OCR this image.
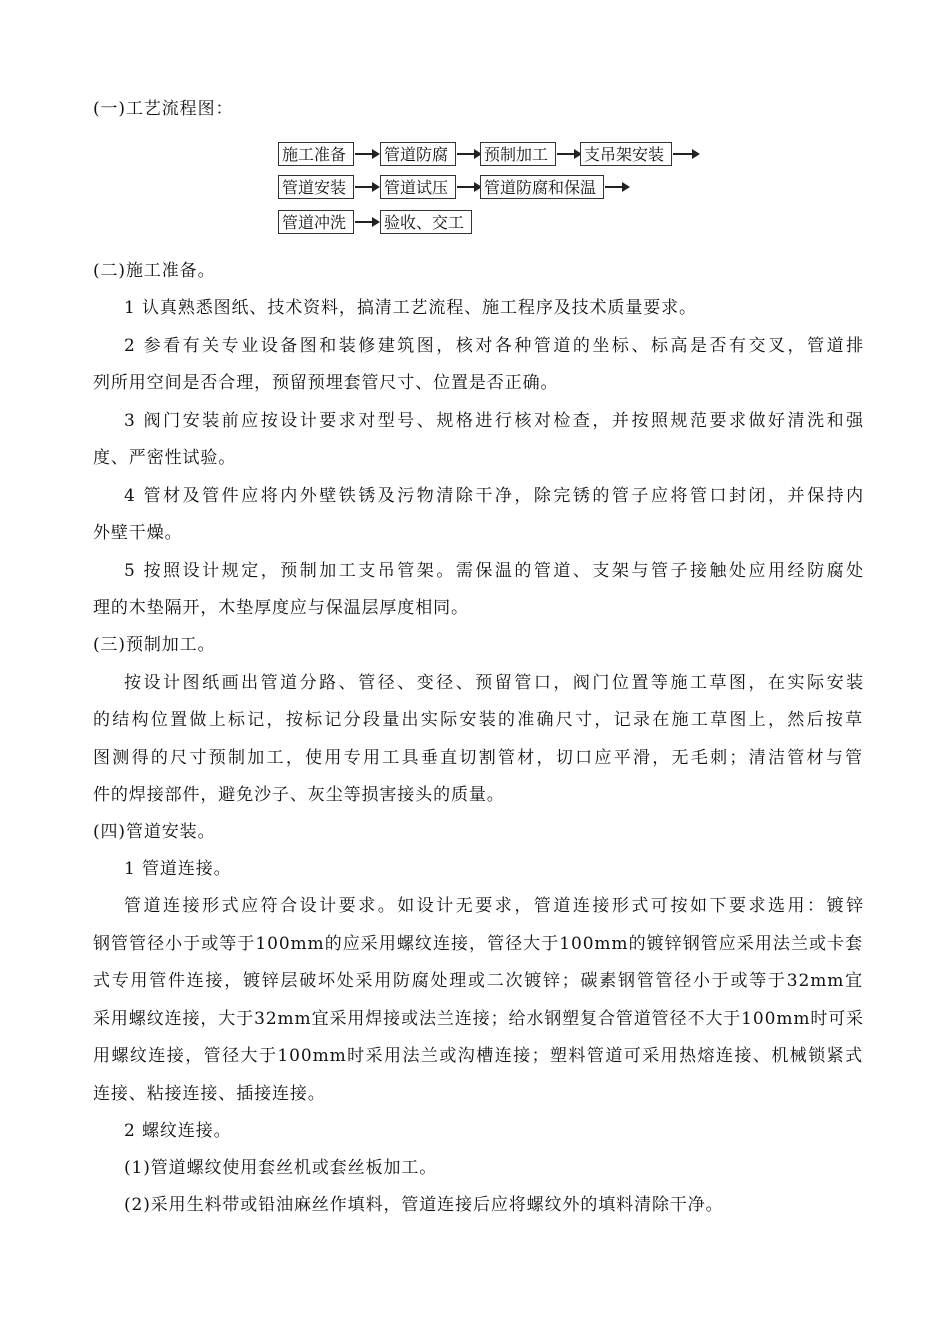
(一)工艺流程图：
施工准备	管道防腐	预制加工	支吊架安装
管道安装	管道试压	管道防腐和保温
管道冲洗	验收、交工
(二)施工准备。
1 认真熟悉图纸、技术资料，搞清工艺流程、施工程序及技术质量要求。
2 参看有关专业设备图和装修建筑图，核对各种管道的坐标、标高是否有交叉，管道排
列所用空间是否合理，预留预埋套管尺寸、位置是否正确。
3 阀门安装前应按设计要求对型号、规格进行核对检查，并按照规范要求做好清洗和强
度、严密性试验。
4 管材及管件应将内外壁铁锈及污物清除干净，除完锈的管子应将管口封闭，并保持内
外壁干燥。
5 按照设计规定，预制加工支吊管架。需保温的管道、支架与管子接触处应用经防腐处
理的木垫隔开，木垫厚度应与保温层厚度相同。
(三)预制加工。
按设计图纸画出管道分路、管径、变径、预留管口，阀门位置等施工草图，在实际安装
的结构位置做上标记，按标记分段量出实际安装的准确尺寸，记录在施工草图上，然后按草
图测得的尺寸预制加工，使用专用工具垂直切割管材，切口应平滑，无毛刺；清洁管材与管
件的焊接部件，避免沙子、灰尘等损害接头的质量。
(四)管道安装。
1 管道连接。
管道连接形式应符合设计要求。如设计无要求，管道连接形式可按如下要求选用：镀锌
钢管管径小于或等于100mm的应采用螺纹连接，管径大于100mm的镀锌钢管应采用法兰或卡套
式专用管件连接，镀锌层破坏处采用防腐处理或二次镀锌；碳素钢管管径小于或等于32mm宜
采用螺纹连接，大于32mm宜采用焊接或法兰连接；给水钢塑复合管道管径不大于100mm时可采
用螺纹连接，管径大于100mm时采用法兰或沟槽连接；塑料管道可采用热熔连接、机械锁紧式
连接、粘接连接、插接连接。
2 螺纹连接。
(1)管道螺纹使用套丝机或套丝板加工。
(2)采用生料带或铅油麻丝作填料，管道连接后应将螺纹外的填料清除干净。
